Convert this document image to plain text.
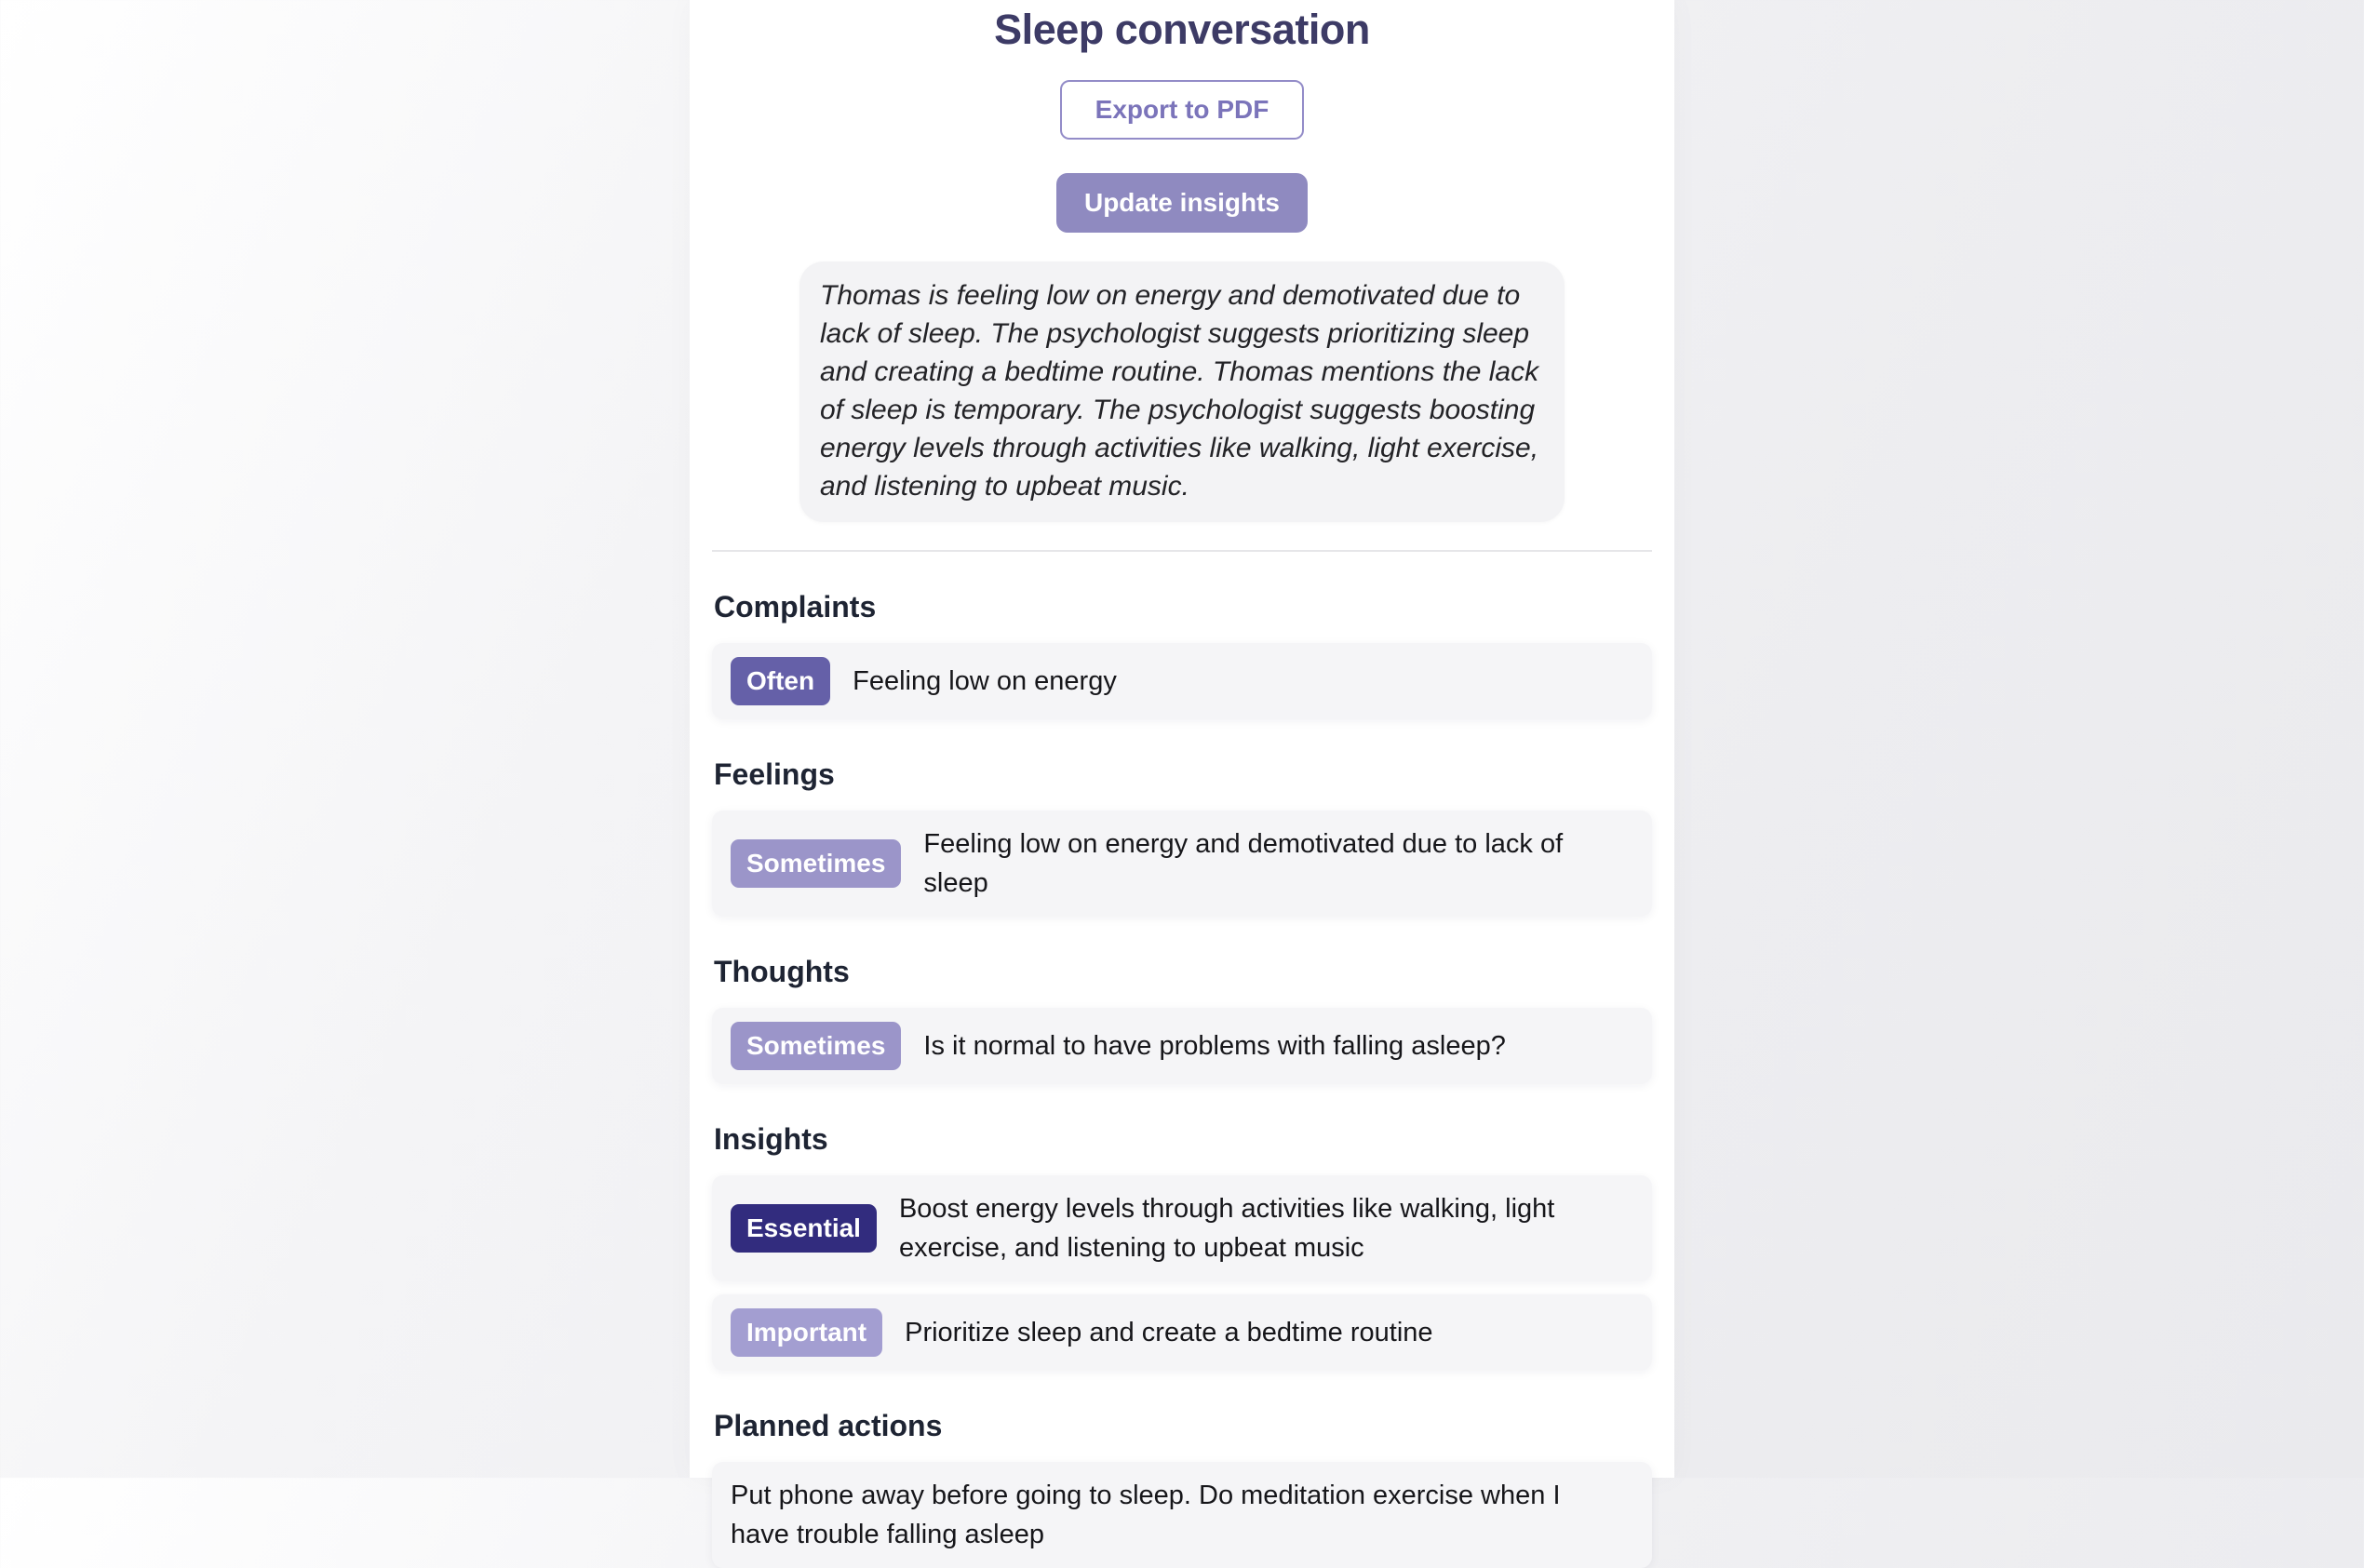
Sleep conversation
Export to PDF
Update insights

Thomas is feeling low on energy and demotivated due to lack of sleep. The psychologist suggests prioritizing sleep and creating a bedtime routine. Thomas mentions the lack of sleep is temporary. The psychologist suggests boosting energy levels through activities like walking, light exercise, and listening to upbeat music.

Complaints
Often	Feeling low on energy
Feelings
Sometimes
Feeling low on energy and demotivated due to lack of sleep
Thoughts
Sometimes	Is it normal to have problems with falling asleep?
Insights
Essential
Boost energy levels through activities like walking, light exercise, and listening to upbeat music
Important	Prioritize sleep and create a bedtime routine
Planned actions
Put phone away before going to sleep. Do meditation exercise when I have trouble falling asleep
